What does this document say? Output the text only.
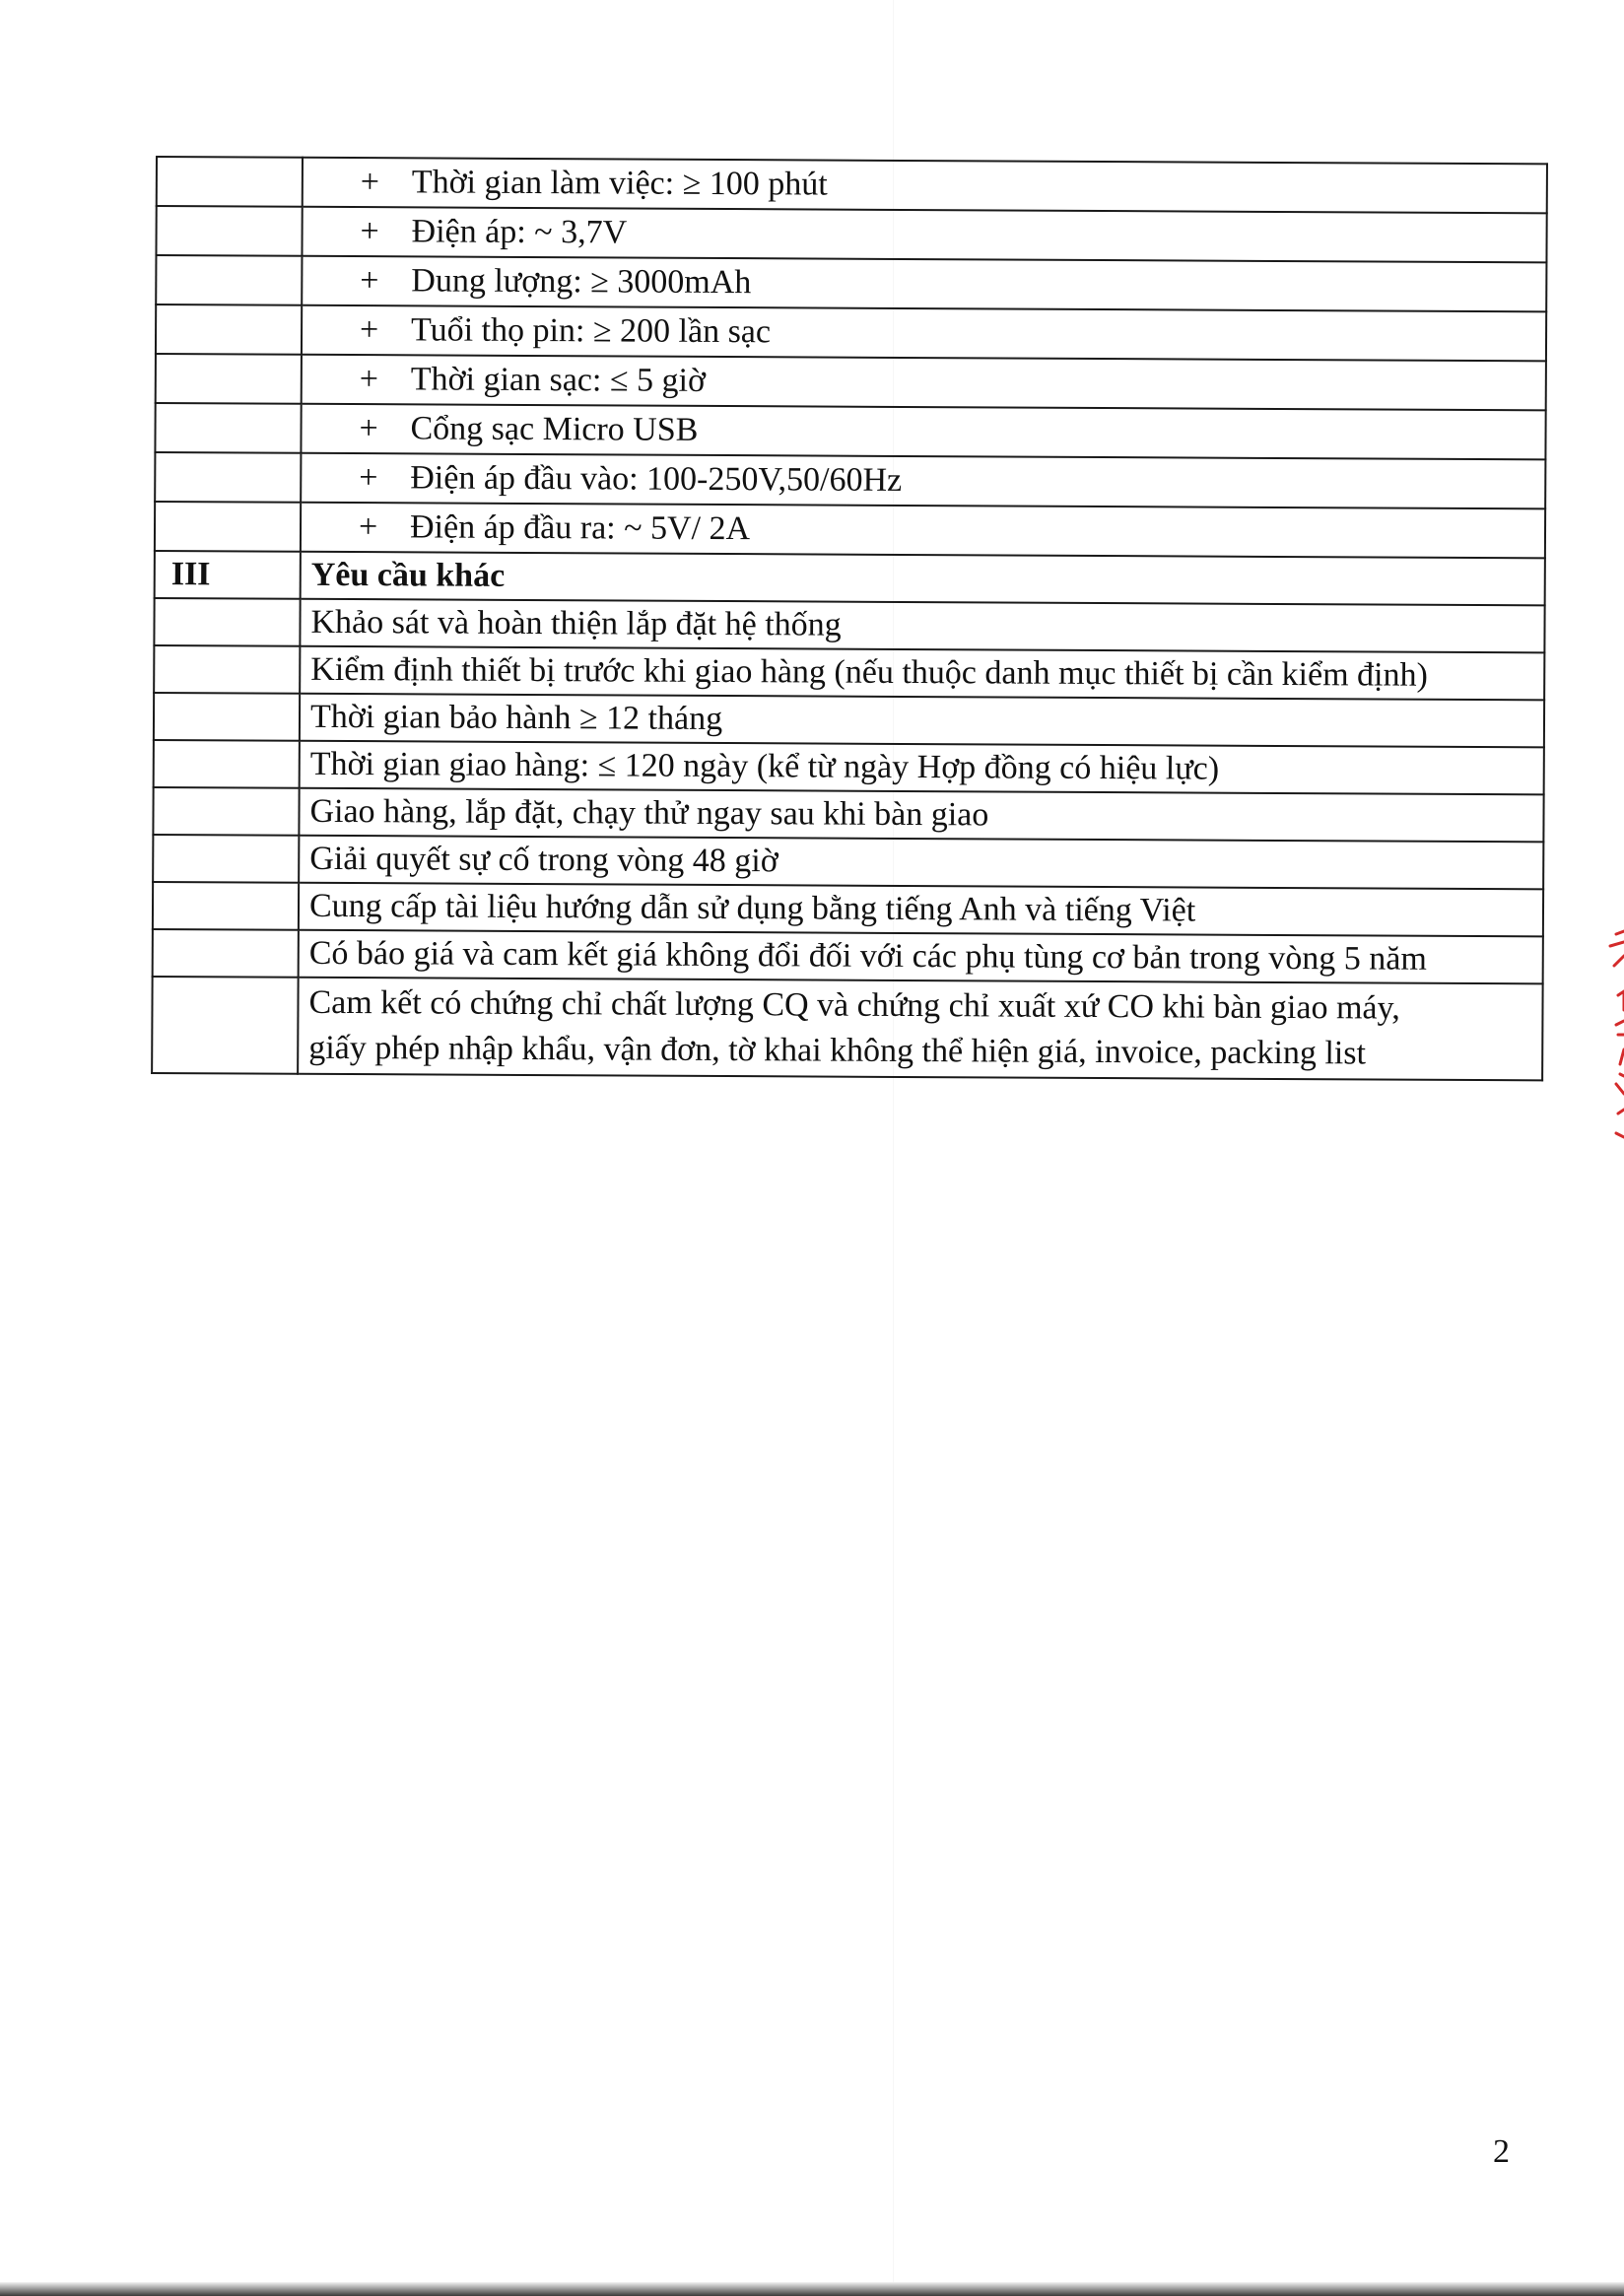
	+ Thời gian làm việc: ≥ 100 phút
	+ Điện áp: ~ 3,7V
	+ Dung lượng: ≥ 3000mAh
	+ Tuổi thọ pin: ≥ 200 lần sạc
	+ Thời gian sạc: ≤ 5 giờ
	+ Cổng sạc Micro USB
	+ Điện áp đầu vào: 100-250V,50/60Hz
	+ Điện áp đầu ra: ~ 5V/ 2A
III	Yêu cầu khác
	Khảo sát và hoàn thiện lắp đặt hệ thống
	Kiểm định thiết bị trước khi giao hàng (nếu thuộc danh mục thiết bị cần kiểm định)
	Thời gian bảo hành ≥ 12 tháng
	Thời gian giao hàng: ≤ 120 ngày (kể từ ngày Hợp đồng có hiệu lực)
	Giao hàng, lắp đặt, chạy thử ngay sau khi bàn giao
	Giải quyết sự cố trong vòng 48 giờ
	Cung cấp tài liệu hướng dẫn sử dụng bằng tiếng Anh và tiếng Việt
	Có báo giá và cam kết giá không đổi đối với các phụ tùng cơ bản trong vòng 5 năm

	Cam kết có chứng chỉ chất lượng CQ và chứng chỉ xuất xứ CO khi bàn giao máy,
giấy phép nhập khẩu, vận đơn, tờ khai không thể hiện giá, invoice, packing list
2
